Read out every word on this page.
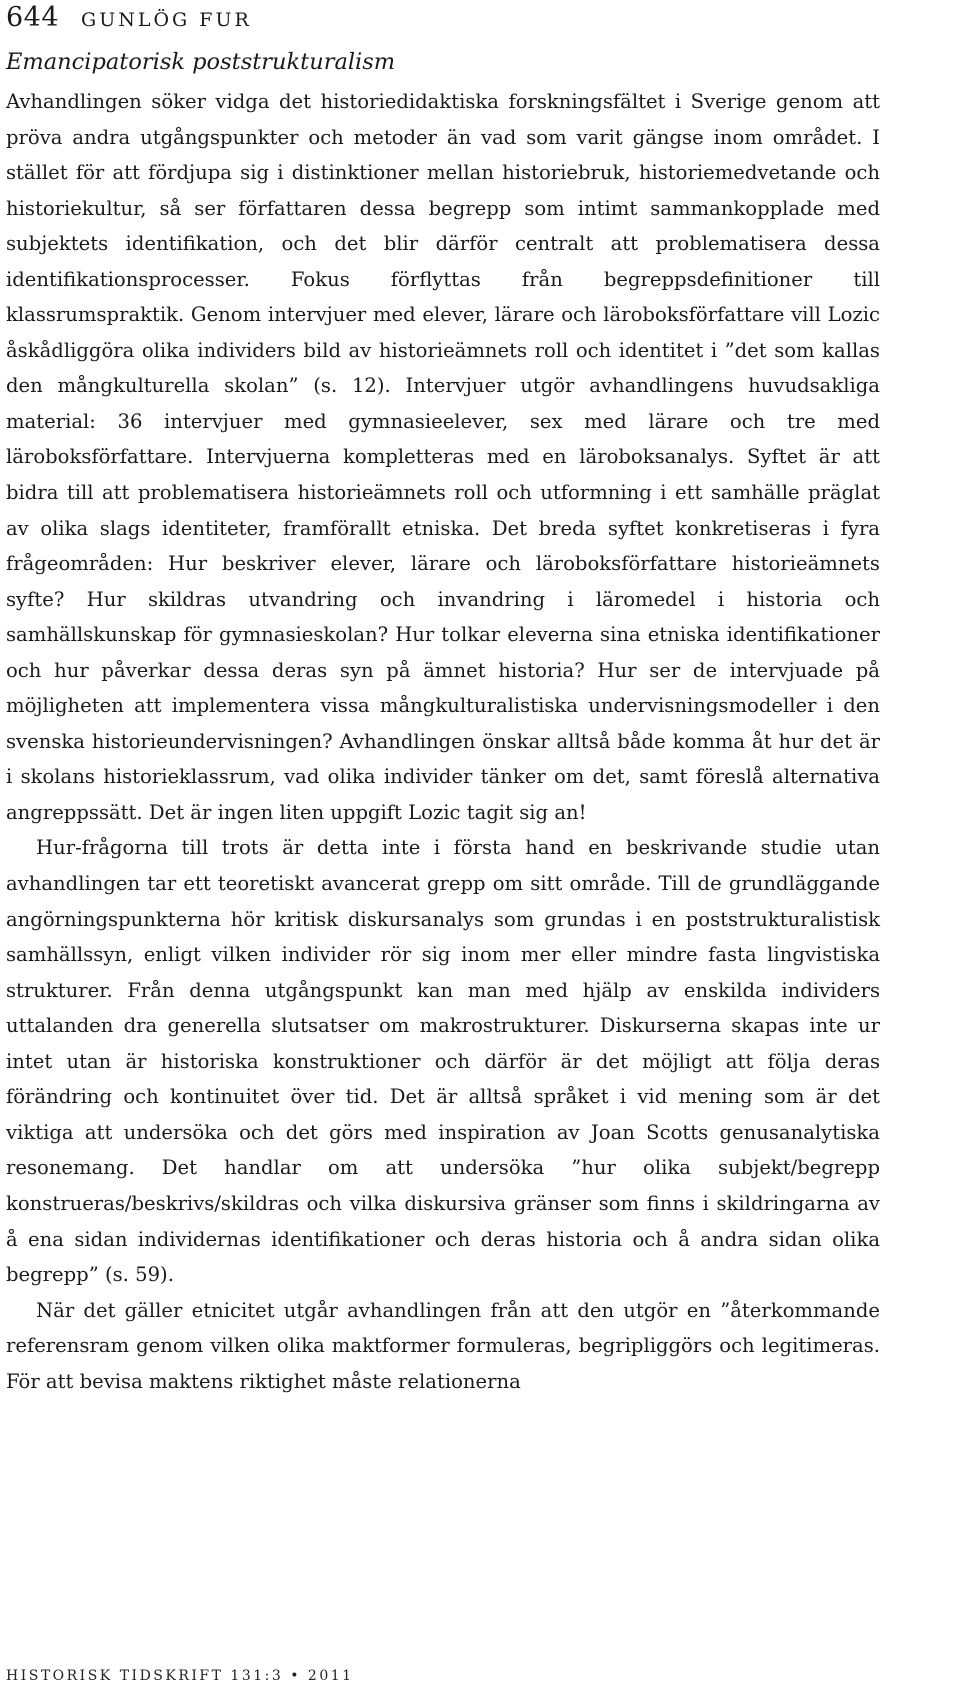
644 GUNLÖG FUR
Emancipatorisk poststrukturalism

Avhandlingen söker vidga det historiedidaktiska forskningsfältet i Sverige genom att pröva andra utgångspunkter och metoder än vad som varit gängse inom området. I stället för att fördjupa sig i distinktioner mellan historiebruk, historiemedvetande och historiekultur, så ser författaren dessa begrepp som intimt sammankopplade med subjektets identifikation, och det blir därför centralt att problematisera dessa identifikationsprocesser. Fokus förflyttas från begreppsdefinitioner till klassrumspraktik. Genom intervjuer med elever, lärare och läroboksförfattare vill Lozic åskådliggöra olika individers bild av historieämnets roll och identitet i ”det som kallas den mångkulturella skolan” (s. 12). Intervjuer utgör avhandlingens huvudsakliga material: 36 intervjuer med gymnasieelever, sex med lärare och tre med läroboksförfattare. Intervjuerna kompletteras med en läroboksanalys. Syftet är att bidra till att problematisera historieämnets roll och utformning i ett samhälle präglat av olika slags identiteter, framförallt etniska. Det breda syftet konkretiseras i fyra frågeområden: Hur beskriver elever, lärare och läroboksförfattare historieämnets syfte? Hur skildras utvandring och invandring i läromedel i historia och samhällskunskap för gymnasieskolan? Hur tolkar eleverna sina etniska identifikationer och hur påverkar dessa deras syn på ämnet historia? Hur ser de intervjuade på möjligheten att implementera vissa mångkulturalistiska undervisningsmodeller i den svenska historieundervisningen? Avhandlingen önskar alltså både komma åt hur det är i skolans historieklassrum, vad olika individer tänker om det, samt föreslå alternativa angreppssätt. Det är ingen liten uppgift Lozic tagit sig an!

Hur-frågorna till trots är detta inte i första hand en beskrivande studie utan avhandlingen tar ett teoretiskt avancerat grepp om sitt område. Till de grundläggande angörningspunkterna hör kritisk diskursanalys som grundas i en poststrukturalistisk samhällssyn, enligt vilken individer rör sig inom mer eller mindre fasta lingvistiska strukturer. Från denna utgångspunkt kan man med hjälp av enskilda individers uttalanden dra generella slutsatser om makrostrukturer. Diskurserna skapas inte ur intet utan är historiska konstruktioner och därför är det möjligt att följa deras förändring och kontinuitet över tid. Det är alltså språket i vid mening som är det viktiga att undersöka och det görs med inspiration av Joan Scotts genusanalytiska resonemang. Det handlar om att undersöka ”hur olika subjekt/begrepp konstrueras/beskrivs/skildras och vilka diskursiva gränser som finns i skildringarna av å ena sidan individernas identifikationer och deras historia och å andra sidan olika begrepp” (s. 59).

När det gäller etnicitet utgår avhandlingen från att den utgör en ”återkommande referensram genom vilken olika maktformer formuleras, begripliggörs och legitimeras. För att bevisa maktens riktighet måste relationerna

HISTORISK TIDSKRIFT 131:3 • 2011
